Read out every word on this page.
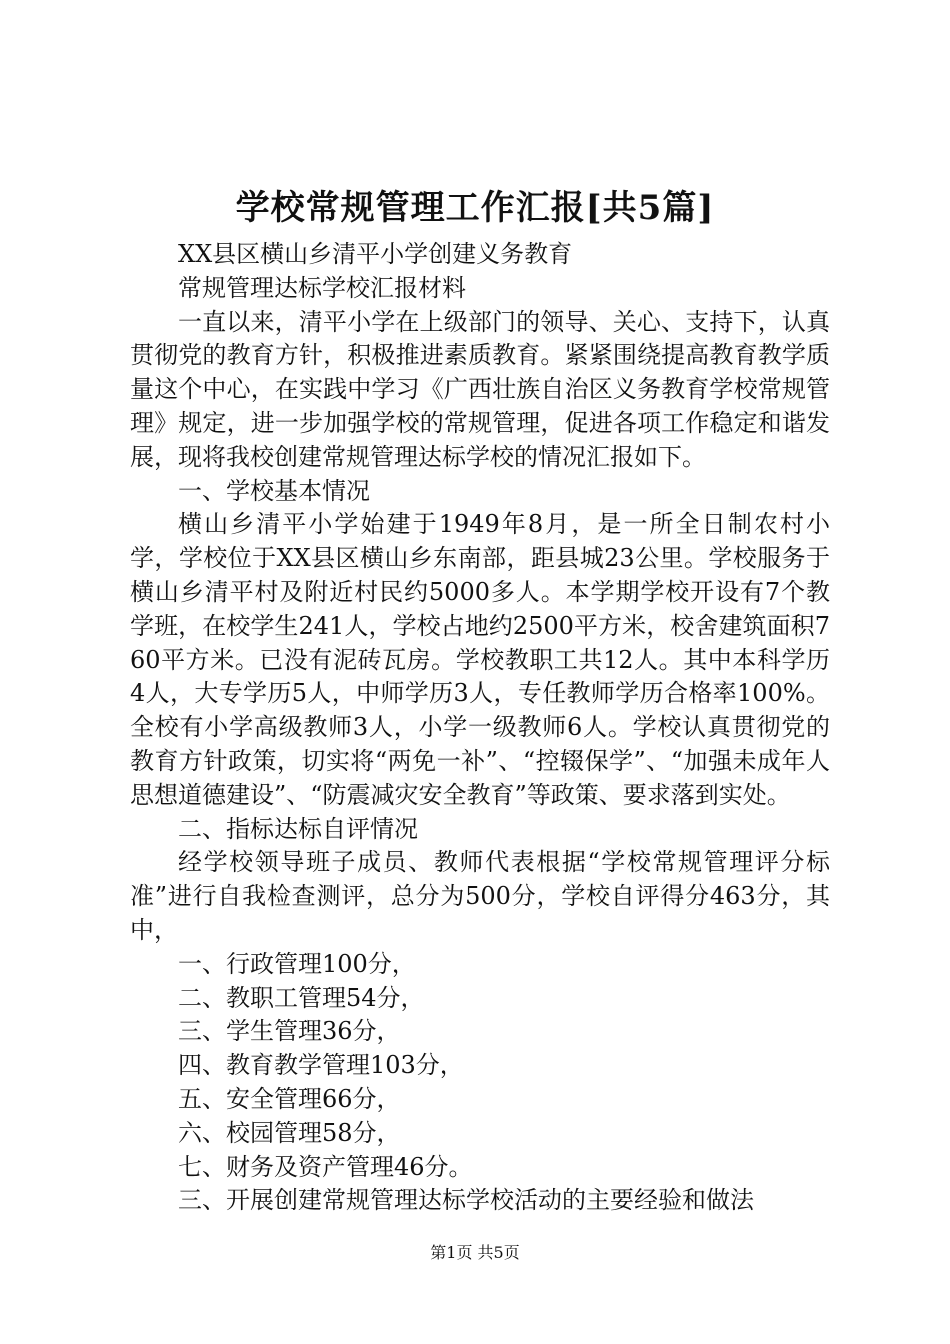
学校常规管理工作汇报[共5篇]

XX县区横山乡清平小学创建义务教育

常规管理达标学校汇报材料

一直以来，清平小学在上级部门的领导、关心、支持下，认真贯彻党的教育方针，积极推进素质教育。紧紧围绕提高教育教学质量这个中心，在实践中学习《广西壮族自治区义务教育学校常规管理》规定，进一步加强学校的常规管理，促进各项工作稳定和谐发展，现将我校创建常规管理达标学校的情况汇报如下。

一、学校基本情况

横山乡清平小学始建于1949年8月，是一所全日制农村小学，学校位于XX县区横山乡东南部，距县城23公里。学校服务于横山乡清平村及附近村民约5000多人。本学期学校开设有7个教学班，在校学生241人，学校占地约2500平方米，校舍建筑面积760平方米。已没有泥砖瓦房。学校教职工共12人。其中本科学历4人，大专学历5人，中师学历3人，专任教师学历合格率100%。全校有小学高级教师3人，小学一级教师6人。学校认真贯彻党的教育方针政策，切实将“两免一补”、“控辍保学”、“加强未成年人思想道德建设”、“防震减灾安全教育”等政策、要求落到实处。

二、指标达标自评情况

经学校领导班子成员、教师代表根据“学校常规管理评分标准”进行自我检查测评，总分为500分，学校自评得分463分，其中，

一、行政管理100分，

二、教职工管理54分，

三、学生管理36分，

四、教育教学管理103分，

五、安全管理66分，

六、校园管理58分，

七、财务及资产管理46分。

三、开展创建常规管理达标学校活动的主要经验和做法

第1页 共5页
